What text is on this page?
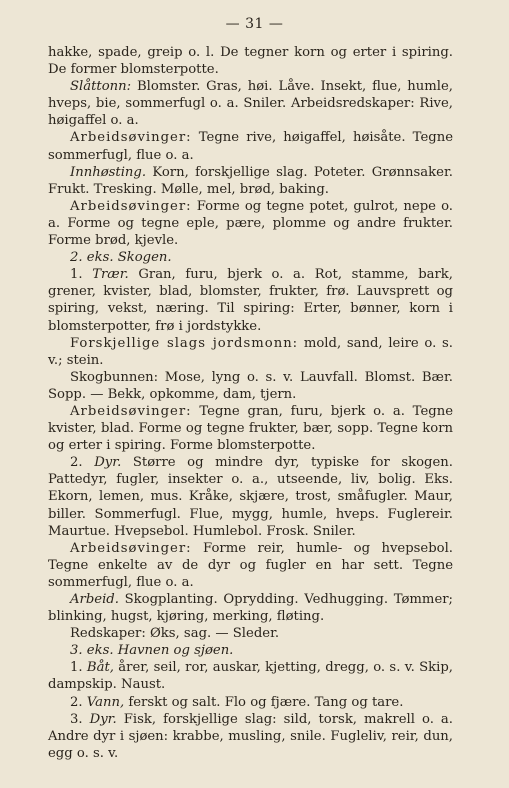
— 31 —

hakke, spade, greip o. l. De tegner korn og erter i spiring. De former blomsterpotte.

Slåttonn: Blomster. Gras, høi. Låve. Insekt, flue, humle, hveps, bie, sommerfugl o. a. Sniler. Arbeidsredskaper: Rive, høigaffel o. a.

Arbeidsøvinger: Tegne rive, høigaffel, høisåte. Tegne sommerfugl, flue o. a.

Innhøsting. Korn, forskjellige slag. Poteter. Grønnsaker. Frukt. Tresking. Mølle, mel, brød, baking.

Arbeidsøvinger: Forme og tegne potet, gulrot, nepe o. a. Forme og tegne eple, pære, plomme og andre frukter. Forme brød, kjevle.

2. eks. Skogen.

1. Trær. Gran, furu, bjerk o. a. Rot, stamme, bark, grener, kvister, blad, blomster, frukter, frø. Lauvsprett og spiring, vekst, næring. Til spiring: Erter, bønner, korn i blomsterpotter, frø i jordstykke.

Forskjellige slags jordsmonn: mold, sand, leire o. s. v.; stein.

Skogbunnen: Mose, lyng o. s. v. Lauvfall. Blomst. Bær. Sopp. — Bekk, opkomme, dam, tjern.

Arbeidsøvinger: Tegne gran, furu, bjerk o. a. Tegne kvister, blad. Forme og tegne frukter, bær, sopp. Tegne korn og erter i spiring. Forme blomsterpotte.

2. Dyr. Større og mindre dyr, typiske for skogen. Pattedyr, fugler, insekter o. a., utseende, liv, bolig. Eks. Ekorn, lemen, mus. Kråke, skjære, trost, småfugler. Maur, biller. Sommerfugl. Flue, mygg, humle, hveps. Fuglereir. Maurtue. Hvepsebol. Humlebol. Frosk. Sniler.

Arbeidsøvinger: Forme reir, humle- og hvepsebol. Tegne enkelte av de dyr og fugler en har sett. Tegne sommerfugl, flue o. a.

Arbeid. Skogplanting. Oprydding. Vedhugging. Tømmer; blinking, hugst, kjøring, merking, fløting.

Redskaper: Øks, sag. — Sleder.

3. eks. Havnen og sjøen.

1. Båt, årer, seil, ror, auskar, kjetting, dregg, o. s. v. Skip, dampskip. Naust.

2. Vann, ferskt og salt. Flo og fjære. Tang og tare.

3. Dyr. Fisk, forskjellige slag: sild, torsk, makrell o. a. Andre dyr i sjøen: krabbe, musling, snile. Fugleliv, reir, dun, egg o. s. v.
